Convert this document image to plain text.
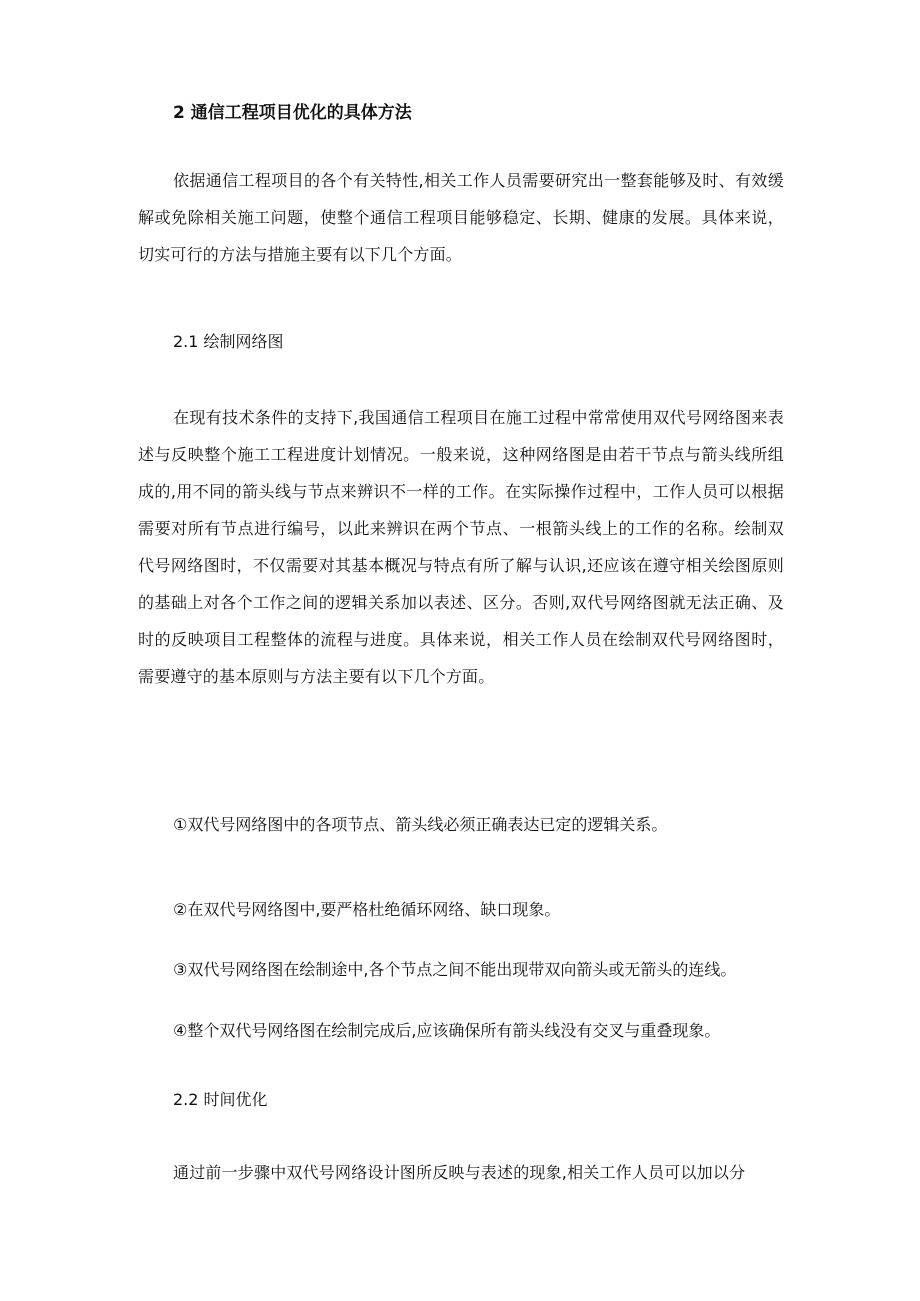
2 通信工程项目优化的具体方法

依据通信工程项目的各个有关特性,相关工作人员需要研究出一整套能够及时、有效缓解或免除相关施工问题，使整个通信工程项目能够稳定、长期、健康的发展。具体来说，切实可行的方法与措施主要有以下几个方面。

2.1 绘制网络图

在现有技术条件的支持下,我国通信工程项目在施工过程中常常使用双代号网络图来表述与反映整个施工工程进度计划情况。一般来说，这种网络图是由若干节点与箭头线所组成的,用不同的箭头线与节点来辨识不一样的工作。在实际操作过程中，工作人员可以根据需要对所有节点进行编号，以此来辨识在两个节点、一根箭头线上的工作的名称。绘制双代号网络图时，不仅需要对其基本概况与特点有所了解与认识,还应该在遵守相关绘图原则的基础上对各个工作之间的逻辑关系加以表述、区分。否则,双代号网络图就无法正确、及时的反映项目工程整体的流程与进度。具体来说，相关工作人员在绘制双代号网络图时，需要遵守的基本原则与方法主要有以下几个方面。

①双代号网络图中的各项节点、箭头线必须正确表达已定的逻辑关系。

②在双代号网络图中,要严格杜绝循环网络、缺口现象。

③双代号网络图在绘制途中,各个节点之间不能出现带双向箭头或无箭头的连线。

④整个双代号网络图在绘制完成后,应该确保所有箭头线没有交叉与重叠现象。

2.2 时间优化

通过前一步骤中双代号网络设计图所反映与表述的现象,相关工作人员可以加以分
